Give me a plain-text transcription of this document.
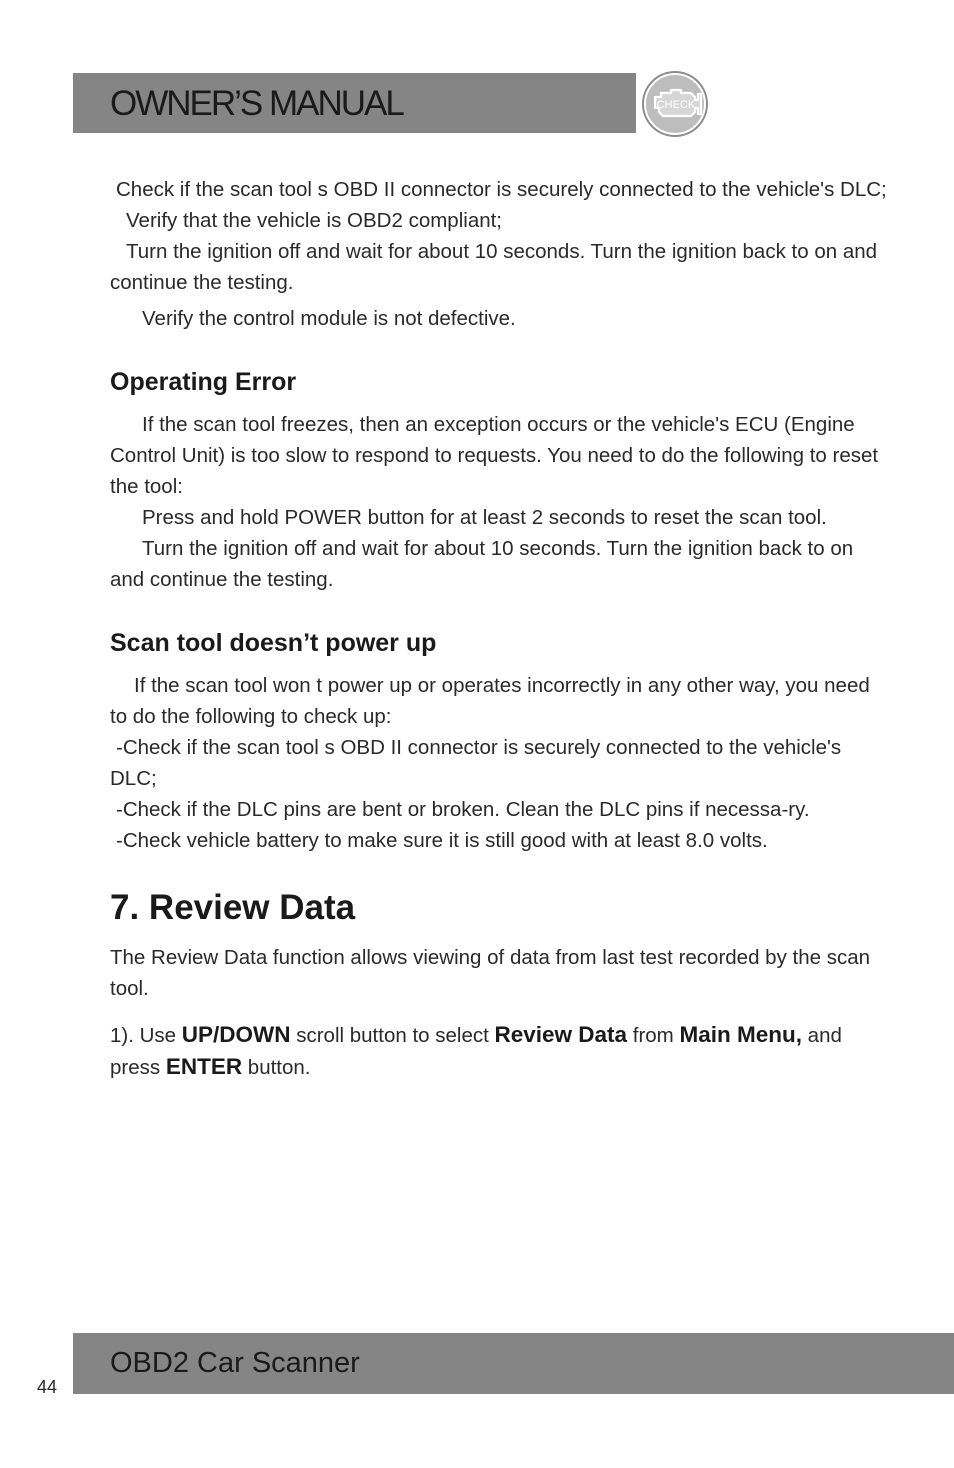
OWNER’S MANUAL	CHECK

Check if the scan tool s OBD II connector is securely connected to the vehicle's DLC;

Verify that the vehicle is OBD2 compliant;

Turn the ignition off and wait for about 10 seconds. Turn the ignition back to on and continue the testing.

Verify the control module is not defective.

Operating Error

If the scan tool freezes, then an exception occurs or the vehicle's ECU (Engine Control Unit) is too slow to respond to requests. You need to do the following to reset the tool:

Press and hold POWER button for at least 2 seconds to reset the scan tool.

Turn the ignition off and wait for about 10 seconds. Turn the ignition back to on and continue the testing.

Scan tool doesn’t power up

If the scan tool won t power up or operates incorrectly in any other way, you need to do the following to check up:

-Check if the scan tool s OBD II connector is securely connected to the vehicle's DLC;

-Check if the DLC pins are bent or broken. Clean the DLC pins if necessa-ry.

-Check vehicle battery to make sure it is still good with at least 8.0 volts.

7. Review Data

The Review Data function allows viewing of data from last test recorded by the scan tool.

1). Use UP/DOWN scroll button to select Review Data from Main Menu, and press ENTER button.

OBD2 Car Scanner
44
